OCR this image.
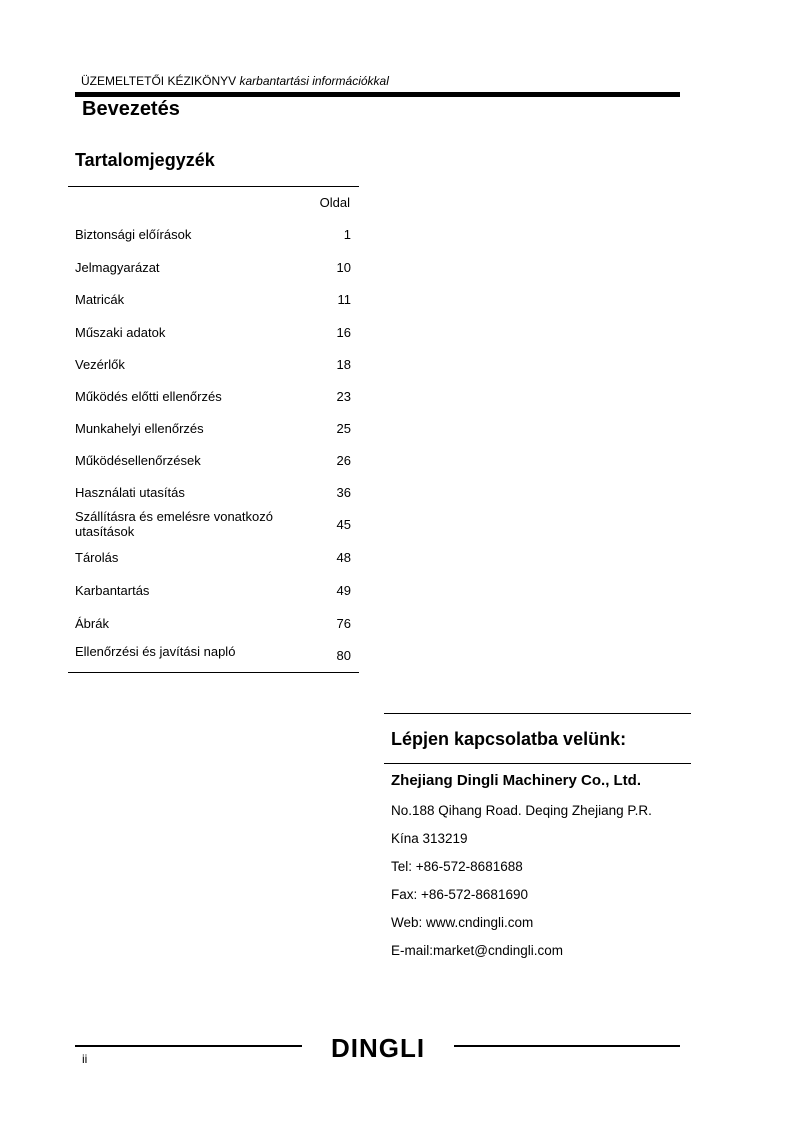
ÜZEMELTETŐI KÉZIKÖNYV karbantartási információkkal
Bevezetés
Tartalomjegyzék
Oldal
Biztonsági előírások	1
Jelmagyarázat	10
Matricák	11
Műszaki adatok	16
Vezérlők	18
Működés előtti ellenőrzés	23
Munkahelyi ellenőrzés	25
Működésellenőrzések	26
Használati utasítás	36
Szállításra és emelésre vonatkozó utasítások	45
Tárolás	48
Karbantartás	49
Ábrák	76
Ellenőrzési és javítási napló	80
Lépjen kapcsolatba velünk:
Zhejiang Dingli Machinery Co., Ltd.
No.188 Qihang Road. Deqing Zhejiang P.R.
Kína 313219
Tel: +86-572-8681688
Fax: +86-572-8681690
Web: www.cndingli.com
E-mail:market@cndingli.com
DINGLI
ii
